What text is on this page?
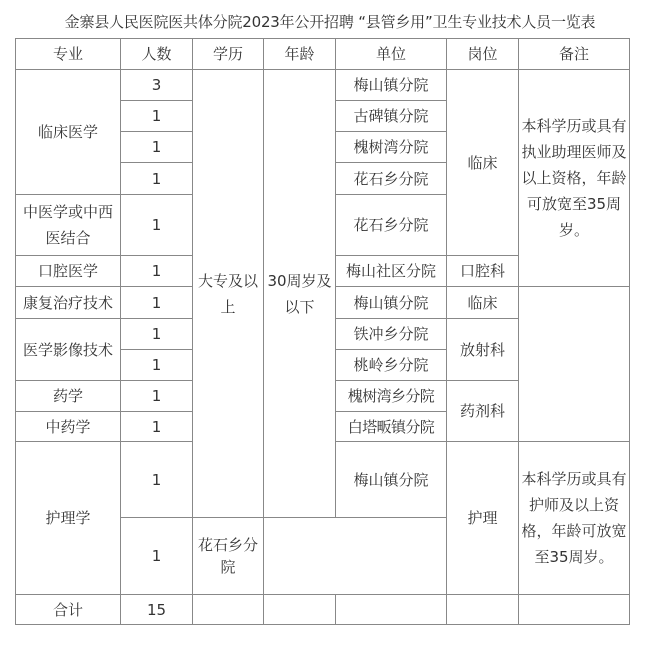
金寨县人民医院医共体分院2023年公开招聘 “县管乡用”卫生专业技术人员一览表
专业	人数	学历	年龄	单位	岗位	备注
临床医学	3	大专及以上	30周岁及以下	梅山镇分院	临床	本科学历或具有执业助理医师及以上资格，年龄可放宽至35周岁。
	1			古碑镇分院		
	1			槐树湾分院		
	1			花石乡分院		
中医学或中西医结合	1			花石乡分院		
口腔医学	1			梅山社区分院	口腔科	
康复治疗技术	1			梅山镇分院	临床	
医学影像技术	1			铁冲乡分院	放射科	
	1			桃岭乡分院		
药学	1			槐树湾乡分院	药剂科	
中药学	1			白塔畈镇分院		
护理学	1			梅山镇分院	护理	本科学历或具有护师及以上资格，年龄可放宽至35周岁。
	1	花石乡分院				
合计	15					
